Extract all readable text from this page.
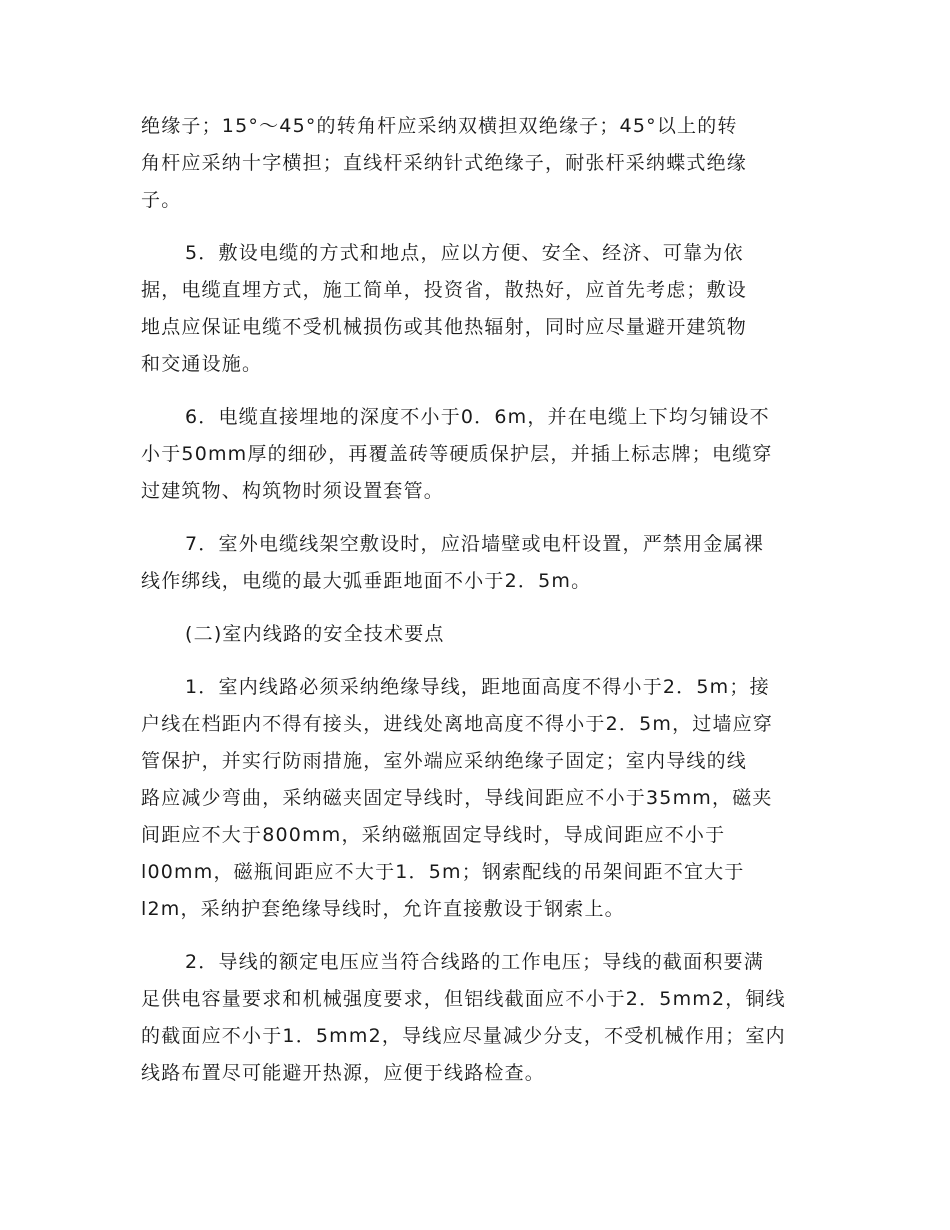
绝缘子；15°～45°的转角杆应采纳双横担双绝缘子；45°以上的转
角杆应采纳十字横担；直线杆采纳针式绝缘子，耐张杆采纳蝶式绝缘
子。

5．敷设电缆的方式和地点，应以方便、安全、经济、可靠为依
据，电缆直埋方式，施工简单，投资省，散热好，应首先考虑；敷设
地点应保证电缆不受机械损伤或其他热辐射，同时应尽量避开建筑物
和交通设施。

6．电缆直接埋地的深度不小于0．6m，并在电缆上下均匀铺设不
小于50mm厚的细砂，再覆盖砖等硬质保护层，并插上标志牌；电缆穿
过建筑物、构筑物时须设置套管。

7．室外电缆线架空敷设时，应沿墙壁或电杆设置，严禁用金属裸
线作绑线，电缆的最大弧垂距地面不小于2．5m。

(二)室内线路的安全技术要点

1．室内线路必须采纳绝缘导线，距地面高度不得小于2．5m；接
户线在档距内不得有接头，进线处离地高度不得小于2．5m，过墙应穿
管保护，并实行防雨措施，室外端应采纳绝缘子固定；室内导线的线
路应减少弯曲，采纳磁夹固定导线时，导线间距应不小于35mm，磁夹
间距应不大于800mm，采纳磁瓶固定导线时，导成间距应不小于
l00mm，磁瓶间距应不大于1．5m；钢索配线的吊架间距不宜大于
l2m，采纳护套绝缘导线时，允许直接敷设于钢索上。

2．导线的额定电压应当符合线路的工作电压；导线的截面积要满
足供电容量要求和机械强度要求，但铝线截面应不小于2．5mm2，铜线
的截面应不小于1．5mm2，导线应尽量减少分支，不受机械作用；室内
线路布置尽可能避开热源，应便于线路检查。
